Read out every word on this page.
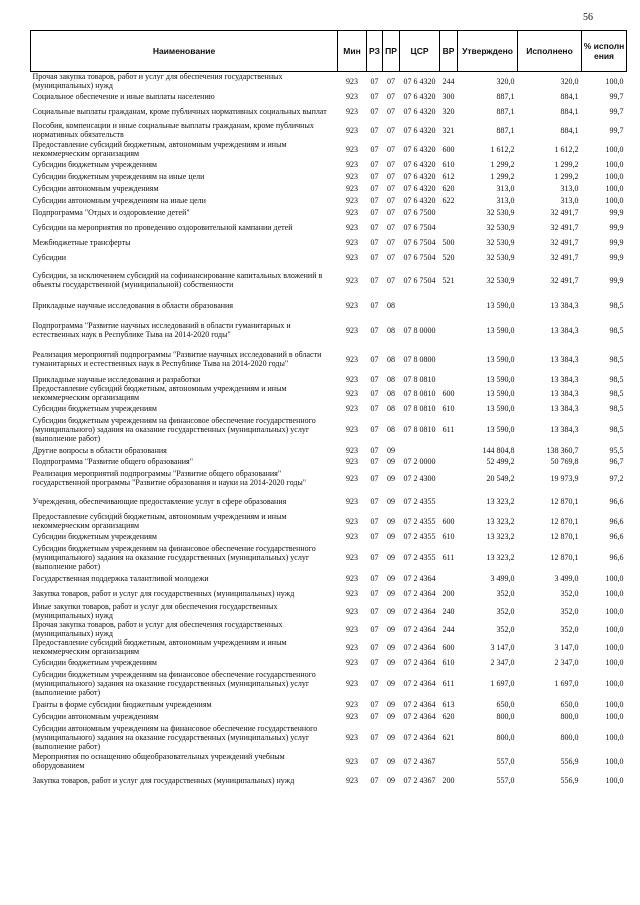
56
Наименование	Мин	РЗ	ПР	ЦСР	ВР	Утверждено	Исполнено	% исполн ения
Прочая закупка товаров, работ и услуг для обеспечения государственных (муниципальных) нужд	923	07	07	07 6 4320	244	320,0	320,0	100,0
Социальное обеспечение и иные выплаты населению	923	07	07	07 6 4320	300	887,1	884,1	99,7
Социальные выплаты гражданам, кроме публичных нормативных социальных выплат	923	07	07	07 6 4320	320	887,1	884,1	99,7
Пособия, компенсации и иные социальные выплаты гражданам, кроме публичных нормативных обязательств	923	07	07	07 6 4320	321	887,1	884,1	99,7
Предоставление субсидий бюджетным, автономным учреждениям и иным некоммерческим организациям	923	07	07	07 6 4320	600	1 612,2	1 612,2	100,0
Субсидии бюджетным учреждениям	923	07	07	07 6 4320	610	1 299,2	1 299,2	100,0
Субсидии бюджетным учреждениям на иные цели	923	07	07	07 6 4320	612	1 299,2	1 299,2	100,0
Субсидии автономным учреждениям	923	07	07	07 6 4320	620	313,0	313,0	100,0
Субсидии автономным учреждениям на иные цели	923	07	07	07 6 4320	622	313,0	313,0	100,0
Подпрограмма "Отдых и оздоровление детей"	923	07	07	07 6 7500		32 530,9	32 491,7	99,9
Субсидии на мероприятия по проведению оздоровительной кампании детей	923	07	07	07 6 7504		32 530,9	32 491,7	99,9
Межбюджетные трансферты	923	07	07	07 6 7504	500	32 530,9	32 491,7	99,9
Субсидии	923	07	07	07 6 7504	520	32 530,9	32 491,7	99,9
Субсидии, за исключением субсидий на софинансирование капитальных вложений в объекты государственной (муниципальной) собственности	923	07	07	07 6 7504	521	32 530,9	32 491,7	99,9
Прикладные научные исследования в области образования	923	07	08			13 590,0	13 384,3	98,5
Подпрограмма "Развитие научных исследований в области гуманитарных и естественных наук в Республике Тыва на 2014-2020 годы"	923	07	08	07 8 0000		13 590,0	13 384,3	98,5
Реализация мероприятий подпрограммы "Развитие научных исследований в области гуманитарных и естественных наук в Республике Тыва на 2014-2020 годы"	923	07	08	07 8 0800		13 590,0	13 384,3	98,5
Прикладные научные исследования и разработки	923	07	08	07 8 0810		13 590,0	13 384,3	98,5
Предоставление субсидий бюджетным, автономным учреждениям и иным некоммерческим организациям	923	07	08	07 8 0810	600	13 590,0	13 384,3	98,5
Субсидии бюджетным учреждениям	923	07	08	07 8 0810	610	13 590,0	13 384,3	98,5
Субсидии бюджетным учреждениям на финансовое обеспечение государственного (муниципального) задания на оказание государственных (муниципальных) услуг (выполнение работ)	923	07	08	07 8 0810	611	13 590,0	13 384,3	98,5
Другие вопросы в области образования	923	07	09			144 804,8	138 360,7	95,5
Подпрограмма "Развитие общего образования"	923	07	09	07 2 0000		52 499,2	50 769,8	96,7
Реализация мероприятий подпрограммы "Развитие общего образования" государственной программы "Развитие образования и науки на 2014-2020 годы"	923	07	09	07 2 4300		20 549,2	19 973,9	97,2
Учреждения, обеспечивающие предоставление услуг в сфере образования	923	07	09	07 2 4355		13 323,2	12 870,1	96,6
Предоставление субсидий бюджетным, автономным учреждениям и иным некоммерческим организациям	923	07	09	07 2 4355	600	13 323,2	12 870,1	96,6
Субсидии бюджетным учреждениям	923	07	09	07 2 4355	610	13 323,2	12 870,1	96,6
Субсидии бюджетным учреждениям на финансовое обеспечение государственного (муниципального) задания на оказание государственных (муниципальных) услуг (выполнение работ)	923	07	09	07 2 4355	611	13 323,2	12 870,1	96,6
Государственная поддержка талантливой молодежи	923	07	09	07 2 4364		3 499,0	3 499,0	100,0
Закупка товаров, работ и услуг для государственных (муниципальных) нужд	923	07	09	07 2 4364	200	352,0	352,0	100,0
Иные закупки товаров, работ и услуг для обеспечения государственных (муниципальных) нужд	923	07	09	07 2 4364	240	352,0	352,0	100,0
Прочая закупка товаров, работ и услуг для обеспечения государственных (муниципальных) нужд	923	07	09	07 2 4364	244	352,0	352,0	100,0
Предоставление субсидий бюджетным, автономным учреждениям и иным некоммерческим организациям	923	07	09	07 2 4364	600	3 147,0	3 147,0	100,0
Субсидии бюджетным учреждениям	923	07	09	07 2 4364	610	2 347,0	2 347,0	100,0
Субсидии бюджетным учреждениям на финансовое обеспечение государственного (муниципального) задания на оказание государственных (муниципальных) услуг (выполнение работ)	923	07	09	07 2 4364	611	1 697,0	1 697,0	100,0
Гранты в форме субсидии бюджетным учреждениям	923	07	09	07 2 4364	613	650,0	650,0	100,0
Субсидии автономным учреждениям	923	07	09	07 2 4364	620	800,0	800,0	100,0
Субсидии автономным учреждениям на финансовое обеспечение государственного (муниципального) задания на оказание государственных (муниципальных) услуг (выполнение работ)	923	07	09	07 2 4364	621	800,0	800,0	100,0
Мероприятия по оснащению общеобразовательных учреждений учебным оборудованием	923	07	09	07 2 4367		557,0	556,9	100,0
Закупка товаров, работ и услуг для государственных (муниципальных) нужд	923	07	09	07 2 4367	200	557,0	556,9	100,0
